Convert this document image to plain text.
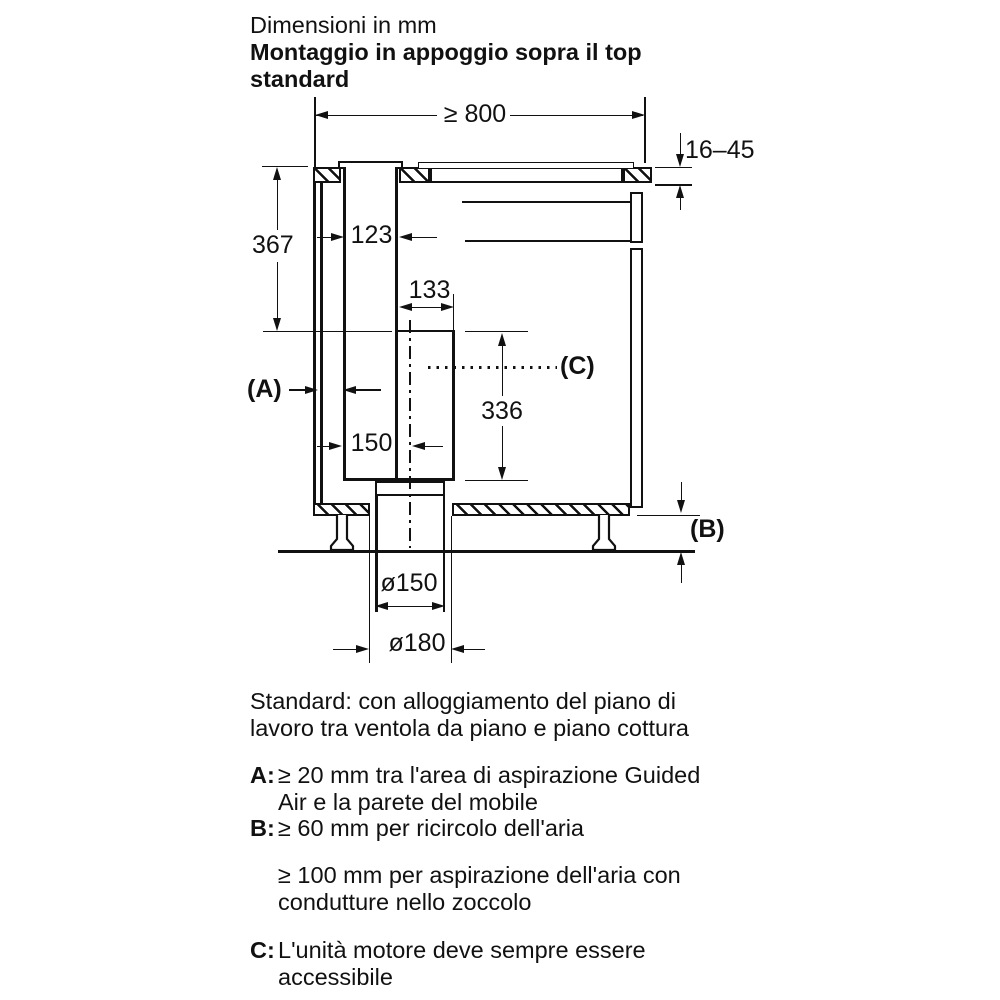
Dimensioni in mm
Montaggio in appoggio sopra il top standard
≥ 800
16–45
(C)
367 123
133
336
150
(A)
(B)
ø150
ø180
Standard: con alloggiamento del piano di lavoro tra ventola da piano e piano cottura
A: ≥ 20 mm tra l'area di aspirazione Guided Air e la parete del mobile
B: ≥ 60 mm per ricircolo dell'aria
≥ 100 mm per aspirazione dell'aria con condutture nello zoccolo
C: L'unità motore deve sempre essere accessibile
